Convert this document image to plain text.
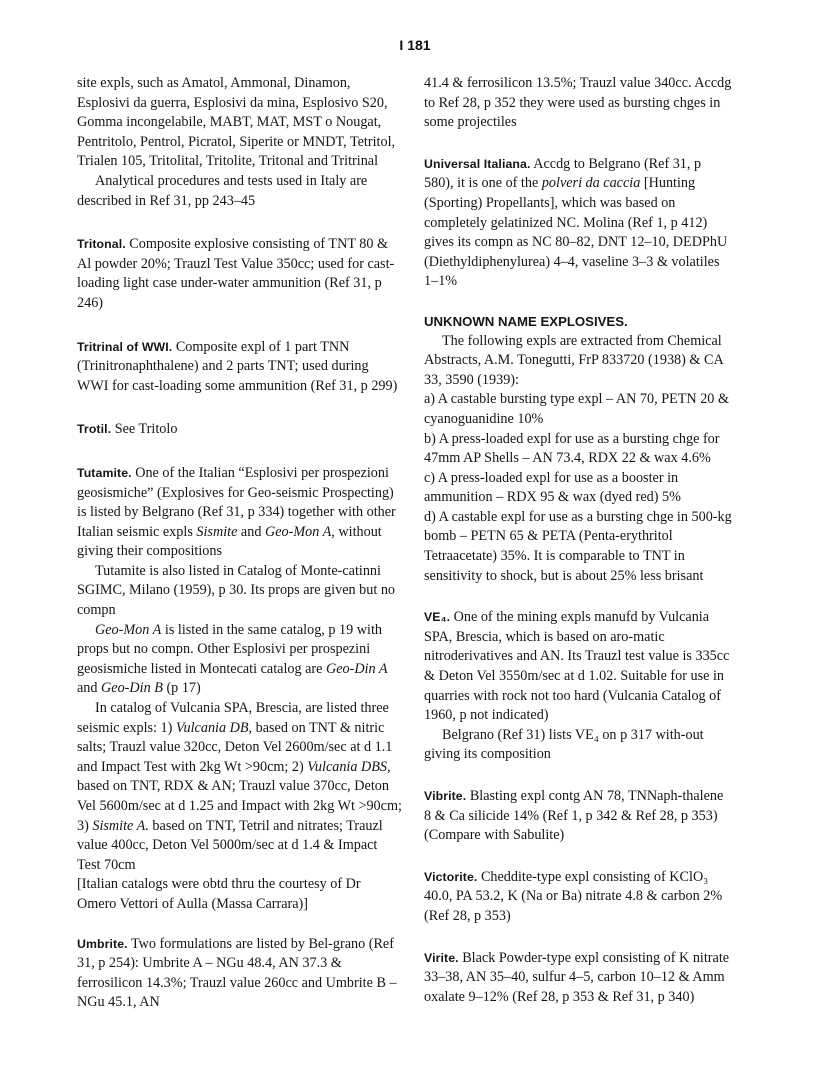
I 181

site expls, such as Amatol, Ammonal, Dinamon, Esplosivi da guerra, Esplosivi da mina, Esplosivo S20, Gomma incongelabile, MABT, MAT, MST o Nougat, Pentritolo, Pentrol, Picratol, Siperite or MNDT, Tetritol, Trialen 105, Tritolital, Tritolite, Tritonal and Tritrinal

Analytical procedures and tests used in Italy are described in Ref 31, pp 243–45

Tritonal. Composite explosive consisting of TNT 80 & Al powder 20%; Trauzl Test Value 350cc; used for cast-loading light case under-water ammunition (Ref 31, p 246)

Tritrinal of WWI. Composite expl of 1 part TNN (Trinitronaphthalene) and 2 parts TNT; used during WWI for cast-loading some ammunition (Ref 31, p 299)

Trotil. See Tritolo

Tutamite. One of the Italian “Esplosivi per prospezioni geosismiche” (Explosives for Geo-seismic Prospecting) is listed by Belgrano (Ref 31, p 334) together with other Italian seismic expls Sismite and Geo-Mon A, without giving their compositions

Tutamite is also listed in Catalog of Monte-catinni SGIMC, Milano (1959), p 30. Its props are given but no compn

Geo-Mon A is listed in the same catalog, p 19 with props but no compn. Other Esplosivi per prospezini geosismiche listed in Montecati catalog are Geo-Din A and Geo-Din B (p 17)

In catalog of Vulcania SPA, Brescia, are listed three seismic expls: 1) Vulcania DB, based on TNT & nitric salts; Trauzl value 320cc, Deton Vel 2600m/sec at d 1.1 and Impact Test with 2kg Wt >90cm; 2) Vulcania DBS, based on TNT, RDX & AN; Trauzl value 370cc, Deton Vel 5600m/sec at d 1.25 and Impact with 2kg Wt >90cm; 3) Sismite A. based on TNT, Tetril and nitrates; Trauzl value 400cc, Deton Vel 5000m/sec at d 1.4 & Impact Test 70cm

[Italian catalogs were obtd thru the courtesy of Dr Omero Vettori of Aulla (Massa Carrara)]

Umbrite. Two formulations are listed by Bel-grano (Ref 31, p 254): Umbrite A – NGu 48.4, AN 37.3 & ferrosilicon 14.3%; Trauzl value 260cc and Umbrite B –NGu 45.1, AN

41.4 & ferrosilicon 13.5%; Trauzl value 340cc. Accdg to Ref 28, p 352 they were used as bursting chges in some projectiles

Universal Italiana. Accdg to Belgrano (Ref 31, p 580), it is one of the polveri da caccia [Hunting (Sporting) Propellants], which was based on completely gelatinized NC. Molina (Ref 1, p 412) gives its compn as NC 80–82, DNT 12–10, DEDPhU (Diethyldiphenylurea) 4–4, vaseline 3–3 & volatiles 1–1%

UNKNOWN NAME EXPLOSIVES.

The following expls are extracted from Chemical Abstracts, A.M. Tonegutti, FrP 833720 (1938) & CA 33, 3590 (1939):

a) A castable bursting type expl – AN 70, PETN 20 & cyanoguanidine 10%

b) A press-loaded expl for use as a bursting chge for 47mm AP Shells – AN 73.4, RDX 22 & wax 4.6%

c) A press-loaded expl for use as a booster in ammunition – RDX 95 & wax (dyed red) 5%

d) A castable expl for use as a bursting chge in 500-kg bomb – PETN 65 & PETA (Penta-erythritol Tetraacetate) 35%. It is comparable to TNT in sensitivity to shock, but is about 25% less brisant

VE₄. One of the mining expls manufd by Vulcania SPA, Brescia, which is based on aro-matic nitroderivatives and AN. Its Trauzl test value is 335cc & Deton Vel 3550m/sec at d 1.02. Suitable for use in quarries with rock not too hard (Vulcania Catalog of 1960, p not indicated)

Belgrano (Ref 31) lists VE₄ on p 317 with-out giving its composition

Vibrite. Blasting expl contg AN 78, TNNaph-thalene 8 & Ca silicide 14% (Ref 1, p 342 & Ref 28, p 353) (Compare with Sabulite)

Victorite. Cheddite-type expl consisting of KClO₃ 40.0, PA 53.2, K (Na or Ba) nitrate 4.8 & carbon 2% (Ref 28, p 353)

Virite. Black Powder-type expl consisting of K nitrate 33–38, AN 35–40, sulfur 4–5, carbon 10–12 & Amm oxalate 9–12% (Ref 28, p 353 & Ref 31, p 340)
